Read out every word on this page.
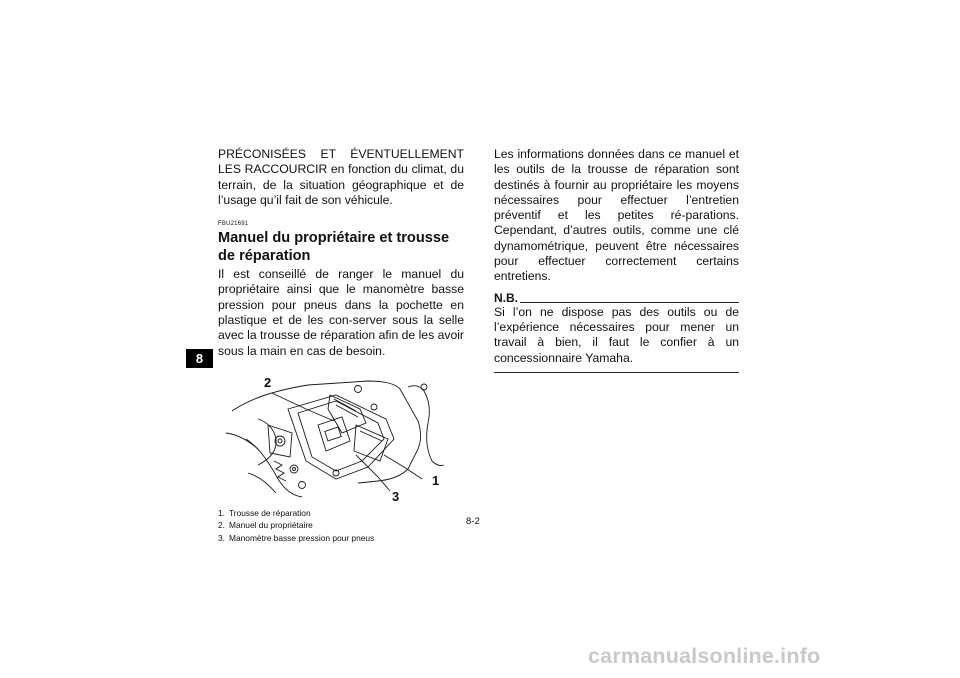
8

PRÉCONISÉES ET ÉVENTUELLEMENT LES RACCOURCIR en fonction du climat, du terrain, de la situation géographique et de l’usage qu’il fait de son véhicule.

FBU21691
Manuel du propriétaire et trousse de réparation

Il est conseillé de ranger le manuel du propriétaire ainsi que le manomètre basse pression pour pneus dans la pochette en plastique et de les con-server sous la selle avec la trousse de réparation afin de les avoir sous la main en cas de besoin.

2
1
3
1. Trousse de réparation
2. Manuel du propriétaire
3. Manomètre basse pression pour pneus

Les informations données dans ce manuel et les outils de la trousse de réparation sont destinés à fournir au propriétaire les moyens nécessaires pour effectuer l’entretien préventif et les petites ré-parations. Cependant, d’autres outils, comme une clé dynamométrique, peuvent être nécessaires pour effectuer correctement certains entretiens.

N.B.

Si l’on ne dispose pas des outils ou de l’expérience nécessaires pour mener un travail à bien, il faut le confier à un concessionnaire Yamaha.

8-2
carmanualsonline.info
